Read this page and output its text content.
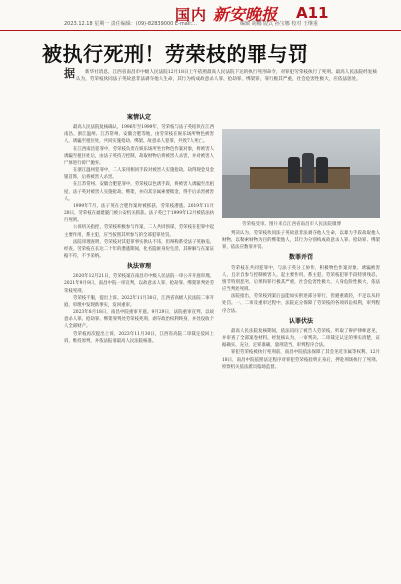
国内 新安晚报 A11
2023.12.18 星期一 责任编辑：(09)-82839000 E-mail:...	编辑 胡娜 版式 孙宝娜 校对 王继重
被执行死刑！劳荣枝的罪与罚
据 新华社消息，江西省南昌市中级人民法院12月18日上午依照最高人民法院下达的执行死刑命令，对罪犯劳荣枝执行了死刑。最高人民法院经复核认为，劳荣枝伙同法子英故意非法剥夺他人生命，其行为构成故意杀人罪、抢劫罪、绑架罪，罪行极其严重，社会危害性极大，应依法惩处。
案情认定

最高人民法院复核确认，1996年至1999年，劳荣枝与法子英结伙在江西南昌、浙江温州、江苏常州、安徽合肥等地，由劳荣枝在娱乐场所物色被害人，诱骗至租住处，共同实施抢劫、绑架、故意杀人犯罪，共致7人死亡。

在江西南昌犯罪中，劳荣枝负责在娱乐场所坐台物色作案对象，将被害人诱骗至租住处后，由法子英持刀控制，劫取财物后将被害人杀害，并对被害人尸体进行碎尸抛弃。

在浙江温州犯罪中，二人采用相同手段对被害人实施抢劫，劫得现金及金银首饰，后将被害人杀害。

在江苏常州、安徽合肥犯罪中，劳荣枝以色诱手段，将被害人诱骗至出租屋，法子英对被害人实施抢劫、绑架，并向其亲属索要赎金，得手后杀害被害人。

1999年7月，法子英在合肥作案时被抓获，劳荣枝潜逃。2019年11月28日，劳荣枝在福建厦门被公安机关抓获。法子英已于1999年12月被依法执行死刑。

公诉机关指控，劳荣枝积极参与作案，二人共同预谋，劳荣枝在犯罪中起主要作用，系主犯，应当按照其所参与的全部犯罪处罚。

法院审理查明，劳荣枝对其犯罪事实供认不讳，但辩称系受法子英胁迫。经查，劳荣枝在长达二十年的潜逃期间，化名隐匿身份生活，其辩解与在案证据不符，不予采纳。

执法审理

2020年12月21日，劳荣枝案在南昌市中级人民法院一审公开开庭审理。2021年9月9日，南昌中院一审宣判，以故意杀人罪、抢劫罪、绑架罪判处劳荣枝死刑。

劳荣枝不服，提出上诉。2022年11月30日，江西省高级人民法院二审开庭，审理中发现新事实，发回重审。

2023年8月18日，南昌中院重审开庭。9月29日，法院重审宣判，以故意杀人罪、抢劫罪、绑架罪判处劳荣枝死刑，剥夺政治权利终身，并处没收个人全部财产。

劳荣枝再次提出上诉，2023年11月30日，江西省高院二审裁定驳回上诉，维持原判，并依法报请最高人民法院核准。

劳荣枝受审。图片来自江西省南昌市人民法院微博

判决认为，劳荣枝伙同法子英故意非法剥夺他人生命，以暴力手段劫取他人财物，以勒索财物为目的绑架他人，其行为分别构成故意杀人罪、抢劫罪、绑架罪，依法应数罪并罚。

数罪并罚

劳荣枝在共同犯罪中，与法子英分工协作，积极物色作案对象、诱骗被害人，且亲自参与控制被害人，起主要作用，系主犯。劳荣枝犯罪手段特别残忍，情节特别恶劣，后果和罪行极其严重，社会危害性极大，人身危险性极大，依法应当判处死刑。

法院指出，劳荣枝到案后虽能如实供述部分罪行，但避重就轻，不足以从轻处罚。一、二审及重审过程中，法院充分保障了劳荣枝的各项诉讼权利，审判程序合法。

认罪伏法

最高人民法院复核期间，依法讯问了被告人劳荣枝，听取了辩护律师意见，并审查了全部案卷材料。经复核认为，一审判决、二审裁定认定的事实清楚，证据确实、充分，定罪准确，量刑适当，审判程序合法。

罪犯劳荣枝被执行死刑前，南昌中院依法保障了其会见近亲属等权利。12月18日，南昌中院依照法定程序对罪犯劳荣枝验明正身后，押赴刑场执行了死刑。检察机关依法派员临场监督。
